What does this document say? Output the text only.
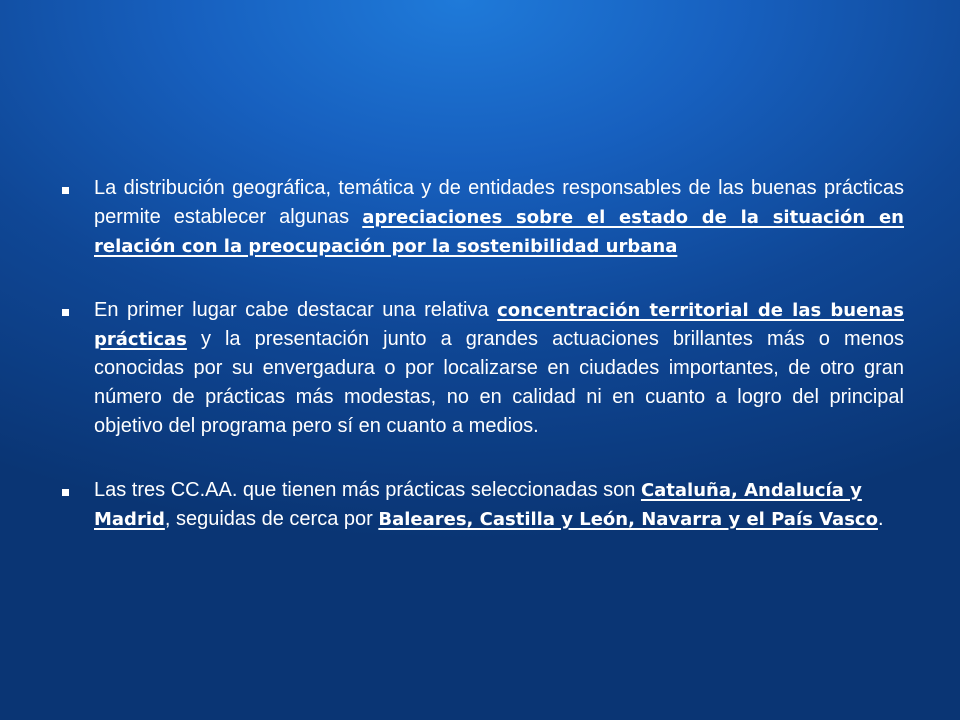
La distribución geográfica, temática y de entidades responsables de las buenas prácticas permite establecer algunas apreciaciones sobre el estado de la situación en relación con la preocupación por la sostenibilidad urbana
En primer lugar cabe destacar una relativa concentración territorial de las buenas prácticas y la presentación junto a grandes actuaciones brillantes más o menos conocidas por su envergadura o por localizarse en ciudades importantes, de otro gran número de prácticas más modestas, no en calidad ni en cuanto a logro del principal objetivo del programa pero sí en cuanto a medios.
Las tres CC.AA. que tienen más prácticas seleccionadas son Cataluña, Andalucía y Madrid, seguidas de cerca por Baleares, Castilla y León, Navarra y el País Vasco.
